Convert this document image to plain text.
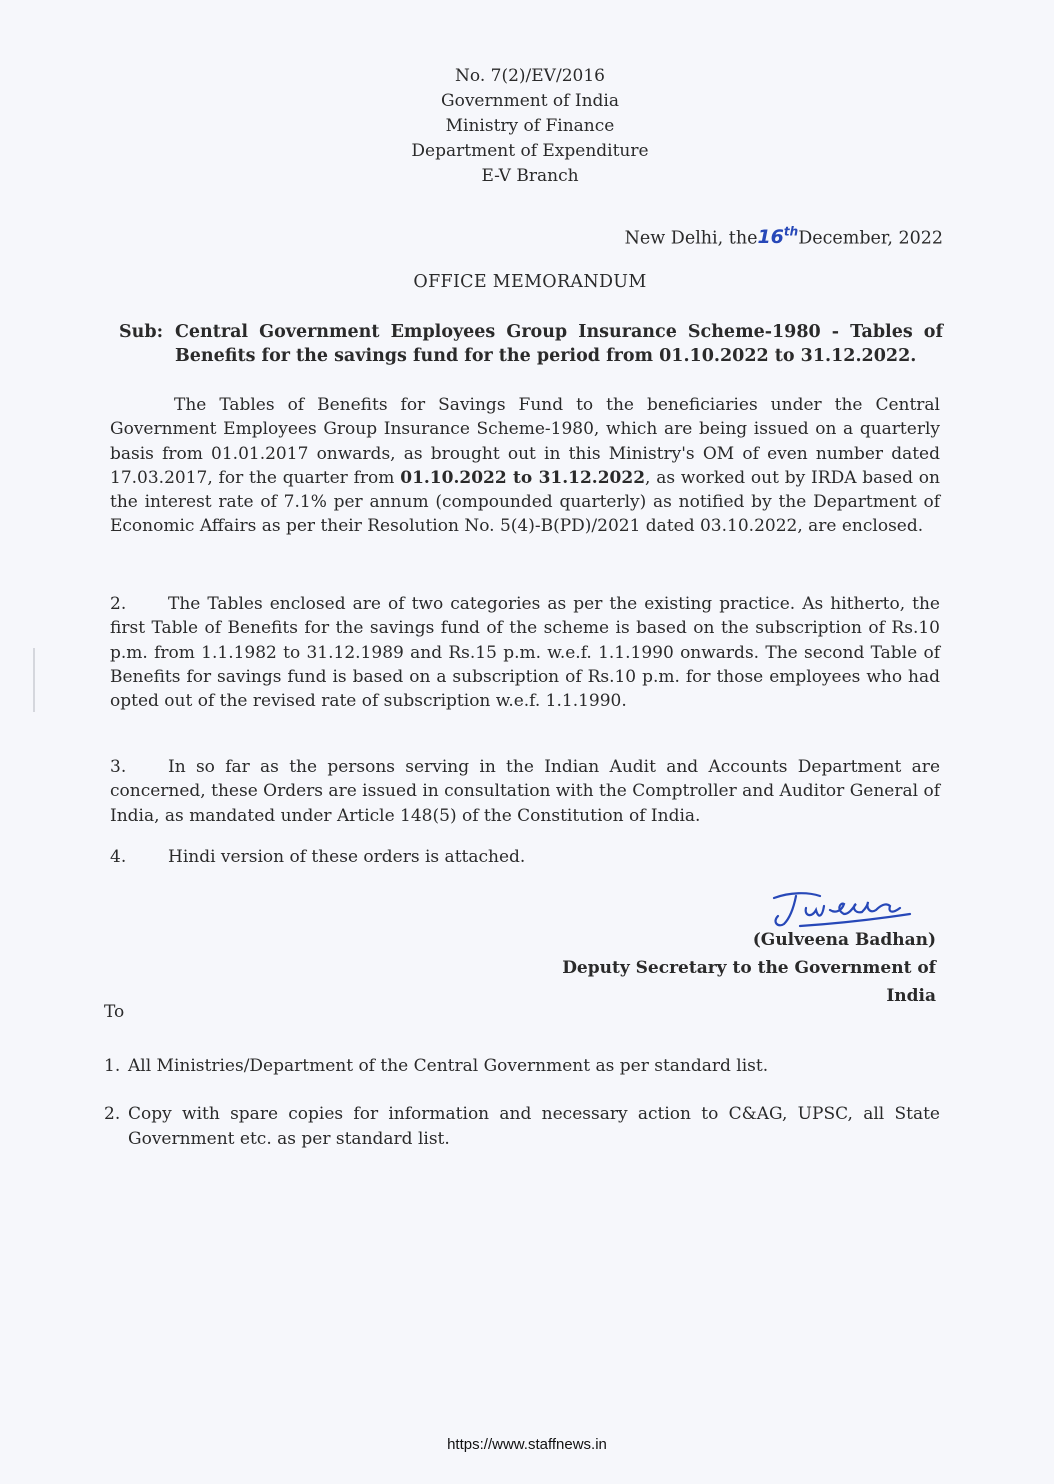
No. 7(2)/EV/2016
Government of India
Ministry of Finance
Department of Expenditure
E-V Branch
New Delhi, the16thDecember, 2022
OFFICE MEMORANDUM
Sub: Central Government Employees Group Insurance Scheme-1980 - Tables of Benefits for the savings fund for the period from 01.10.2022 to 31.12.2022.
The Tables of Benefits for Savings Fund to the beneficiaries under the Central Government Employees Group Insurance Scheme-1980, which are being issued on a quarterly basis from 01.01.2017 onwards, as brought out in this Ministry's OM of even number dated 17.03.2017, for the quarter from 01.10.2022 to 31.12.2022, as worked out by IRDA based on the interest rate of 7.1% per annum (compounded quarterly) as notified by the Department of Economic Affairs as per their Resolution No. 5(4)-B(PD)/2021 dated 03.10.2022, are enclosed.
2. The Tables enclosed are of two categories as per the existing practice. As hitherto, the first Table of Benefits for the savings fund of the scheme is based on the subscription of Rs.10 p.m. from 1.1.1982 to 31.12.1989 and Rs.15 p.m. w.e.f. 1.1.1990 onwards. The second Table of Benefits for savings fund is based on a subscription of Rs.10 p.m. for those employees who had opted out of the revised rate of subscription w.e.f. 1.1.1990.
3. In so far as the persons serving in the Indian Audit and Accounts Department are concerned, these Orders are issued in consultation with the Comptroller and Auditor General of India, as mandated under Article 148(5) of the Constitution of India.
4. Hindi version of these orders is attached.
(Gulveena Badhan)
Deputy Secretary to the Government of India
To
1. All Ministries/Department of the Central Government as per standard list.
2. Copy with spare copies for information and necessary action to C&AG, UPSC, all State Government etc. as per standard list.
https://www.staffnews.in
